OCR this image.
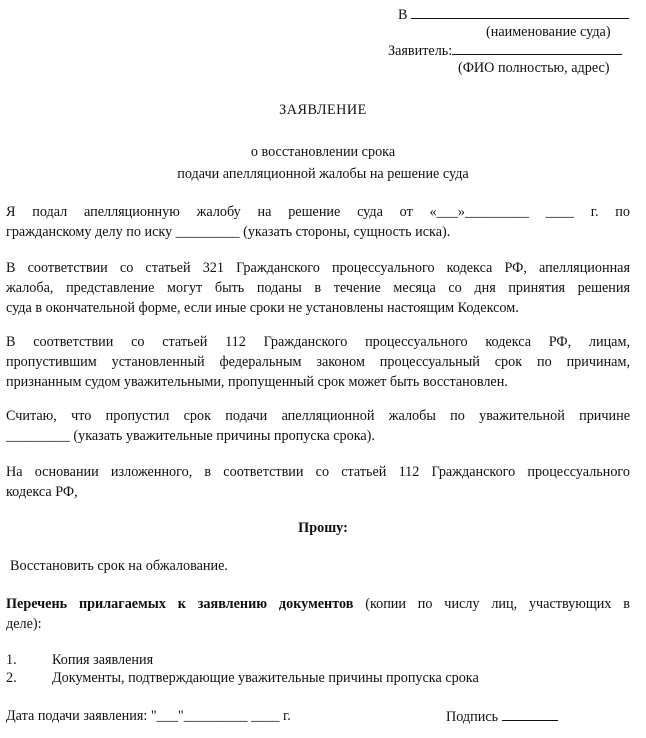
В
(наименование суда)
Заявитель:
(ФИО полностью, адрес)
ЗАЯВЛЕНИЕ
о восстановлении срока
подачи апелляционной жалобы на решение суда
Я подал апелляционную жалобу на решение суда от «___»_________ ____ г. по
гражданскому делу по иску _________ (указать стороны, сущность иска).
В соответствии со статьей 321 Гражданского процессуального кодекса РФ, апелляционная
жалоба, представление могут быть поданы в течение месяца со дня принятия решения
суда в окончательной форме, если иные сроки не установлены настоящим Кодексом.
В соответствии со статьей 112 Гражданского процессуального кодекса РФ, лицам,
пропустившим установленный федеральным законом процессуальный срок по причинам,
признанным судом уважительными, пропущенный срок может быть восстановлен.
Считаю, что пропустил срок подачи апелляционной жалобы по уважительной причине
_________ (указать уважительные причины пропуска срока).
На основании изложенного, в соответствии со статьей 112 Гражданского процессуального
кодекса РФ,
Прошу:
Восстановить срок на обжалование.
Перечень прилагаемых к заявлению документов (копии по числу лиц, участвующих в
деле):
1. Копия заявления
2. Документы, подтверждающие уважительные причины пропуска срока
Дата подачи заявления: "___"_________ ____ г.	Подпись
